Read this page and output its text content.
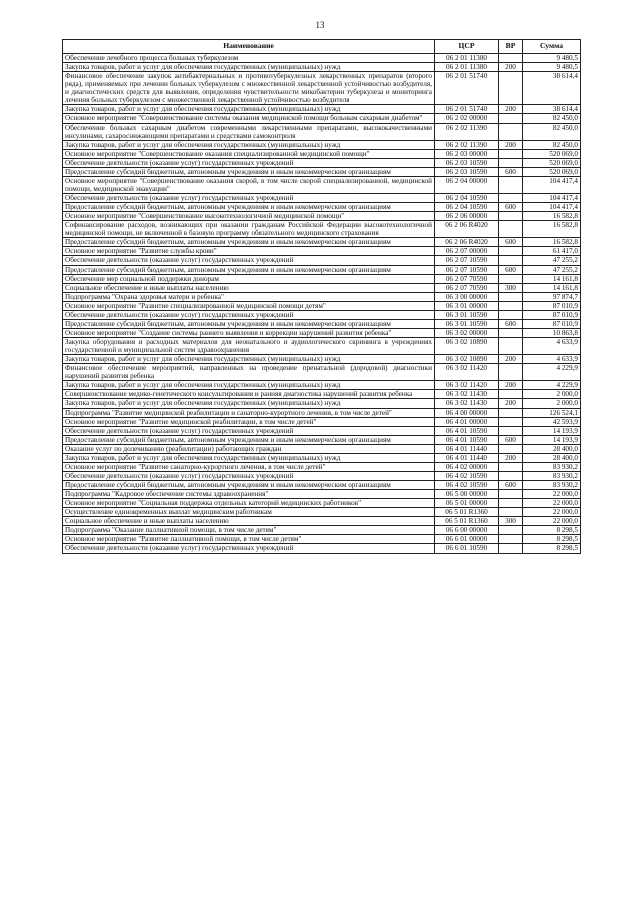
13
Наименование	ЦСР	ВР	Сумма
Обеспечение лечебного процесса больных туберкулезом	06 2 01 11380		9 480,5
Закупка товаров, работ и услуг для обеспечения государственных (муниципальных) нужд	06 2 01 11380	200	9 480,5
Финансовое обеспечение закупок антибактериальных и противотуберкулезных лекарственных препаратов (второго ряда), применяемых при лечении больных туберкулезом с множественной лекарственной устойчивостью возбудителя, и диагностических средств для выявления, определения чувствительности микобактерии туберкулеза и мониторинга лечения больных туберкулезом с множественной лекарственной устойчивостью возбудителя	06 2 01 51740		38 614,4
Закупка товаров, работ и услуг для обеспечения государственных (муниципальных) нужд	06 2 01 51740	200	38 614,4
Основное мероприятие "Совершенствование системы оказания медицинской помощи больным сахарным диабетом"	06 2 02 00000		82 450,0
Обеспечение больных сахарным диабетом современными лекарственными препаратами, высококачественными инсулинами, сахароснижающими препаратами и средствами самоконтроля	06 2 02 11390		82 450,0
Закупка товаров, работ и услуг для обеспечения государственных (муниципальных) нужд	06 2 02 11390	200	82 450,0
Основное мероприятие "Совершенствование оказания специализированной медицинской помощи"	06 2 03 00000		520 069,0
Обеспечение деятельности (оказание услуг) государственных учреждений	06 2 03 10590		520 069,0
Предоставление субсидий бюджетным, автономным учреждениям и иным некоммерческим организациям	06 2 03 10590	600	520 069,0
Основное мероприятие "Совершенствование оказания скорой, в том числе скорой специализированной, медицинской помощи, медицинской эвакуации"	06 2 04 00000		104 417,4
Обеспечение деятельности (оказание услуг) государственных учреждений	06 2 04 10590		104 417,4
Предоставление субсидий бюджетным, автономным учреждениям и иным некоммерческим организациям	06 2 04 10590	600	104 417,4
Основное мероприятие "Совершенствование высокотехнологичной медицинской помощи"	06 2 06 00000		16 582,8
Софинансирование расходов, возникающих при оказании гражданам Российской Федерации высокотехнологичной медицинской помощи, не включенной в базовую программу обязательного медицинского страхования	06 2 06 R4020		16 582,8
Предоставление субсидий бюджетным, автономным учреждениям и иным некоммерческим организациям	06 2 06 R4020	600	16 582,8
Основное мероприятие "Развитие службы крови"	06 2 07 00000		61 417,0
Обеспечение деятельности (оказание услуг) государственных учреждений	06 2 07 10590		47 255,2
Предоставление субсидий бюджетным, автономным учреждениям и иным некоммерческим организациям	06 2 07 10590	600	47 255,2
Обеспечение мер социальной поддержки донорам	06 2 07 70590		14 161,8
Социальное обеспечение и иные выплаты населению	06 2 07 70590	300	14 161,8
Подпрограмма "Охрана здоровья матери и ребенка"	06 3 00 00000		97 874,7
Основное мероприятие "Развитие специализированной медицинской помощи детям"	06 3 01 00000		87 010,9
Обеспечение деятельности (оказание услуг) государственных учреждений	06 3 01 10590		87 010,9
Предоставление субсидий бюджетным, автономным учреждениям и иным некоммерческим организациям	06 3 01 10590	600	87 010,9
Основное мероприятие "Создание системы раннего выявления и коррекции нарушений развития ребенка"	06 3 02 00000		10 863,8
Закупка оборудования и расходных материалов для неонатального и аудиологического скрининга в учреждениях государственной и муниципальной систем здравоохранения	06 3 02 10890		4 633,9
Закупка товаров, работ и услуг для обеспечения государственных (муниципальных) нужд	06 3 02 10890	200	4 633,9
Финансовое обеспечение мероприятий, направленных на проведение пренатальной (дородовой) диагностики нарушений развития ребенка	06 3 02 11420		4 229,9
Закупка товаров, работ и услуг для обеспечения государственных (муниципальных) нужд	06 3 02 11420	200	4 229,9
Совершенствование медико-генетического консультирования и ранняя диагностика нарушений развития ребенка	06 3 02 11430		2 000,0
Закупка товаров, работ и услуг для обеспечения государственных (муниципальных) нужд	06 3 02 11430	200	2 000,0
Подпрограмма "Развитие медицинской реабилитации и санаторно-курортного лечения, в том числе детей"	06 4 00 00000		126 524,1
Основное мероприятие "Развитие медицинской реабилитации, в том числе детей"	06 4 01 00000		42 593,9
Обеспечение деятельности (оказание услуг) государственных учреждений	06 4 01 10590		14 193,9
Предоставление субсидий бюджетным, автономным учреждениям и иным некоммерческим организациям	06 4 01 10590	600	14 193,9
Оказание услуг по долечиванию (реабилитации) работающих граждан	06 4 01 11440		28 400,0
Закупка товаров, работ и услуг для обеспечения государственных (муниципальных) нужд	06 4 01 11440	200	28 400,0
Основное мероприятие "Развитие санаторно-курортного лечения, в том числе детей"	06 4 02 00000		83 930,2
Обеспечение деятельности (оказание услуг) государственных учреждений	06 4 02 10590		83 930,2
Предоставление субсидий бюджетным, автономным учреждениям и иным некоммерческим организациям	06 4 02 10590	600	83 930,2
Подпрограмма "Кадровое обеспечение системы здравоохранения"	06 5 00 00000		22 000,0
Основное мероприятие "Социальная поддержка отдельных категорий медицинских работников"	06 5 01 00000		22 000,0
Осуществление единовременных выплат медицинским работникам	06 5 01 R1360		22 000,0
Социальное обеспечение и иные выплаты населению	06 5 01 R1360	300	22 000,0
Подпрограмма "Оказание паллиативной помощи, в том числе детям"	06 6 00 00000		8 298,5
Основное мероприятие "Развитие паллиативной помощи, в том числе детям"	06 6 01 00000		8 298,5
Обеспечение деятельности (оказание услуг) государственных учреждений	06 6 01 10590		8 298,5
